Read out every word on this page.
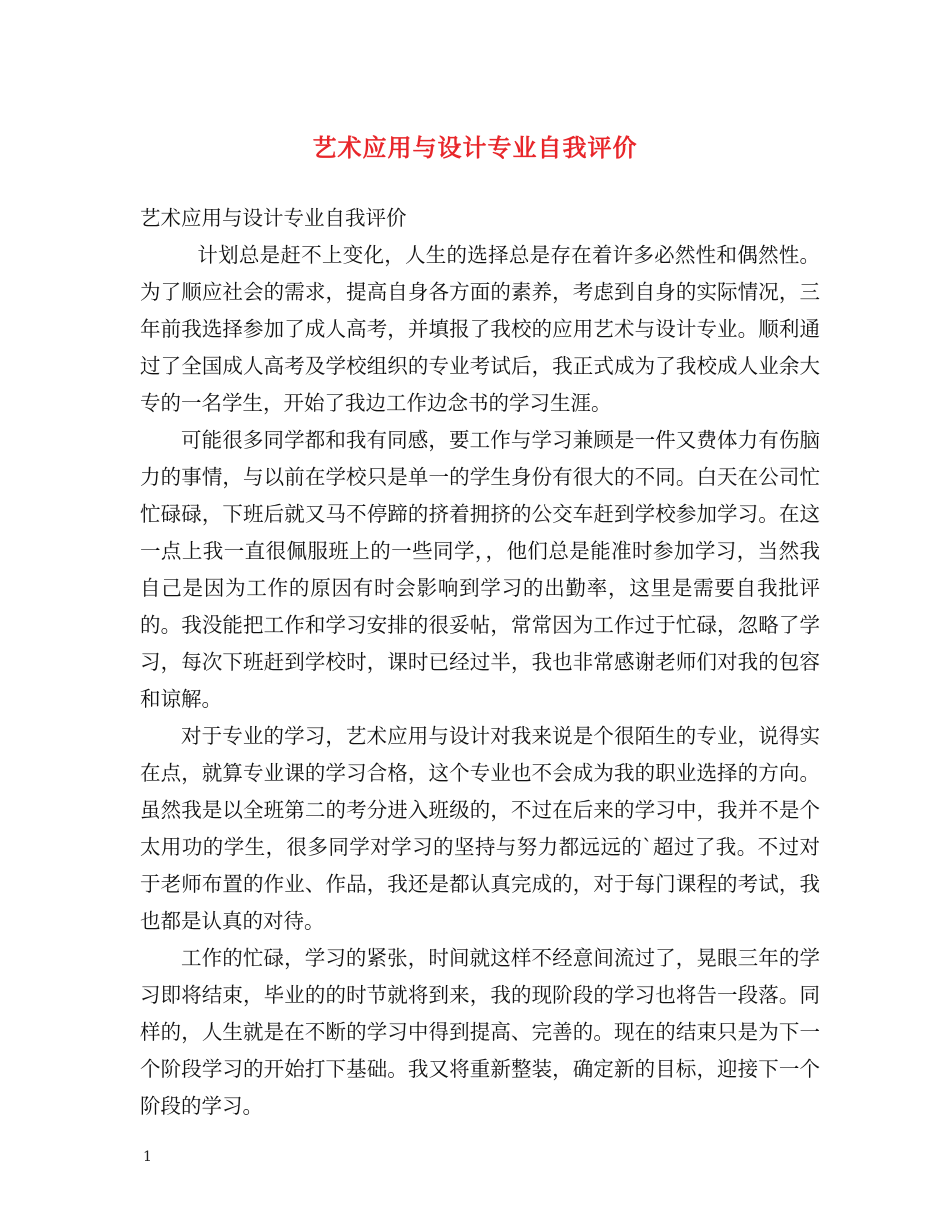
艺术应用与设计专业自我评价

艺术应用与设计专业自我评价

计划总是赶不上变化，人生的选择总是存在着许多必然性和偶然性。为了顺应社会的需求，提高自身各方面的素养，考虑到自身的实际情况，三年前我选择参加了成人高考，并填报了我校的应用艺术与设计专业。顺利通过了全国成人高考及学校组织的专业考试后，我正式成为了我校成人业余大专的一名学生，开始了我边工作边念书的学习生涯。

可能很多同学都和我有同感，要工作与学习兼顾是一件又费体力有伤脑力的事情，与以前在学校只是单一的学生身份有很大的不同。白天在公司忙忙碌碌，下班后就又马不停蹄的挤着拥挤的公交车赶到学校参加学习。在这一点上我一直很佩服班上的一些同学，，他们总是能准时参加学习，当然我自己是因为工作的原因有时会影响到学习的出勤率，这里是需要自我批评的。我没能把工作和学习安排的很妥帖，常常因为工作过于忙碌，忽略了学习，每次下班赶到学校时，课时已经过半，我也非常感谢老师们对我的包容和谅解。

对于专业的学习，艺术应用与设计对我来说是个很陌生的专业，说得实在点，就算专业课的学习合格，这个专业也不会成为我的职业选择的方向。虽然我是以全班第二的考分进入班级的，不过在后来的学习中，我并不是个太用功的学生，很多同学对学习的坚持与努力都远远的`超过了我。不过对于老师布置的作业、作品，我还是都认真完成的，对于每门课程的考试，我也都是认真的对待。

工作的忙碌，学习的紧张，时间就这样不经意间流过了，晃眼三年的学习即将结束，毕业的的时节就将到来，我的现阶段的学习也将告一段落。同样的，人生就是在不断的学习中得到提高、完善的。现在的结束只是为下一个阶段学习的开始打下基础。我又将重新整装，确定新的目标，迎接下一个阶段的学习。

1
